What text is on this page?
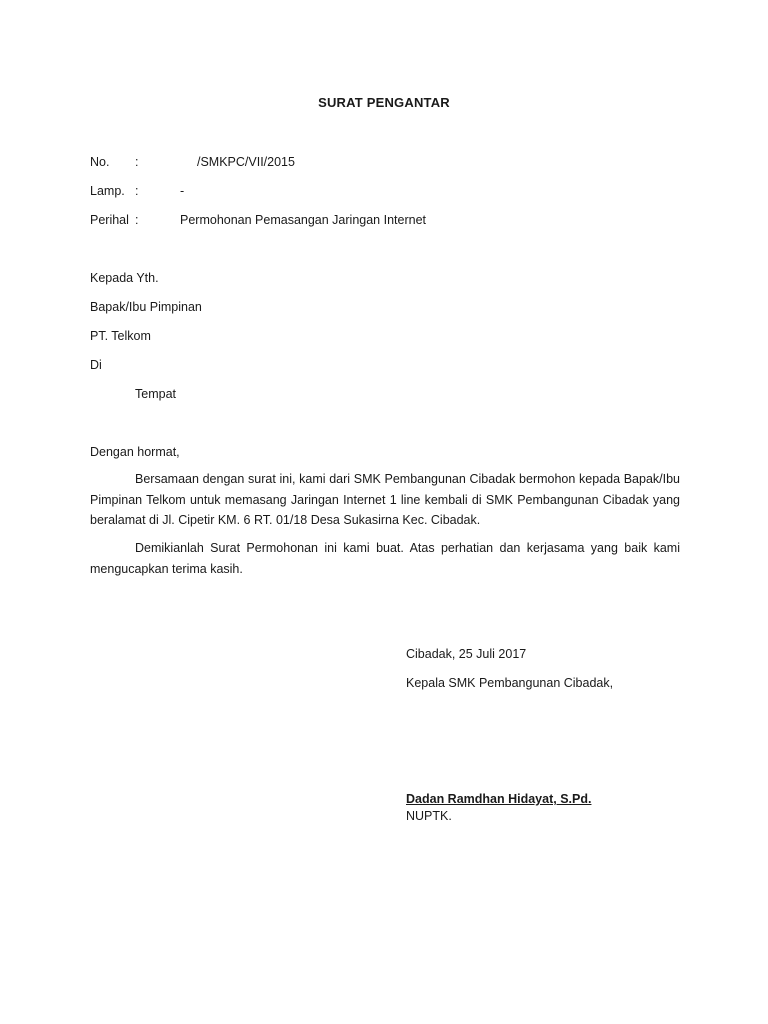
SURAT PENGANTAR
No. :	/SMKPC/VII/2015
Lamp. :	-
Perihal :	Permohonan Pemasangan Jaringan Internet
Kepada Yth.
Bapak/Ibu Pimpinan
PT. Telkom
Di
Tempat
Dengan hormat,
Bersamaan dengan surat ini, kami dari SMK Pembangunan Cibadak bermohon kepada Bapak/Ibu Pimpinan Telkom untuk memasang Jaringan Internet 1 line kembali di SMK Pembangunan Cibadak yang beralamat di Jl. Cipetir KM. 6 RT. 01/18 Desa Sukasirna Kec. Cibadak.
Demikianlah Surat Permohonan ini kami buat. Atas perhatian dan kerjasama yang baik kami mengucapkan terima kasih.
Cibadak, 25 Juli 2017
Kepala SMK Pembangunan Cibadak,
Dadan Ramdhan Hidayat, S.Pd.
NUPTK.
